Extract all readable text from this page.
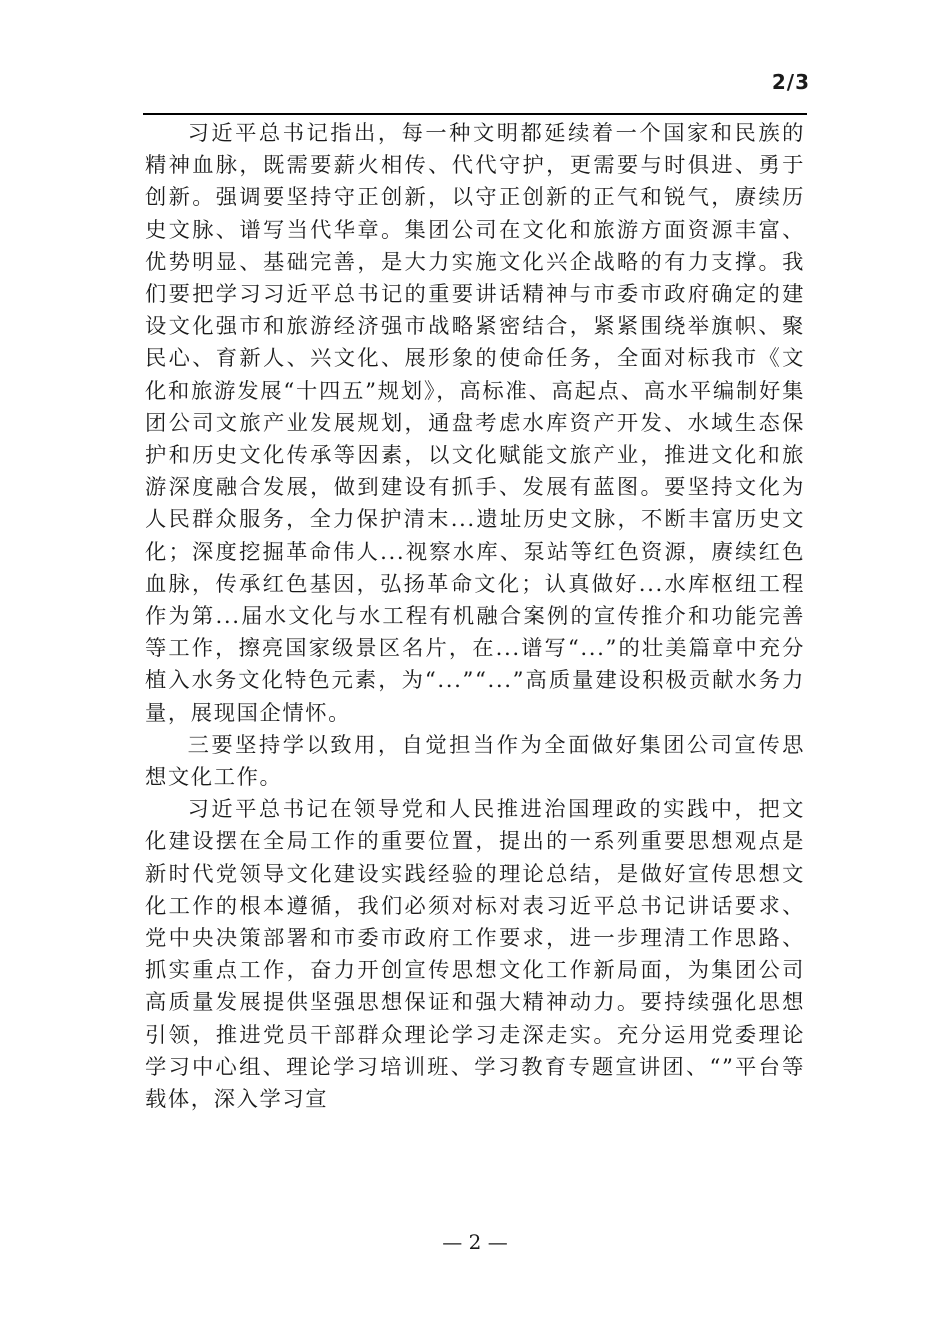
2/3

习近平总书记指出，每一种文明都延续着一个国家和民族的精神血脉，既需要薪火相传、代代守护，更需要与时俱进、勇于创新。强调要坚持守正创新，以守正创新的正气和锐气，赓续历史文脉、谱写当代华章。集团公司在文化和旅游方面资源丰富、优势明显、基础完善，是大力实施文化兴企战略的有力支撑。我们要把学习习近平总书记的重要讲话精神与市委市政府确定的建设文化强市和旅游经济强市战略紧密结合，紧紧围绕举旗帜、聚民心、育新人、兴文化、展形象的使命任务，全面对标我市《文化和旅游发展“十四五”规划》，高标准、高起点、高水平编制好集团公司文旅产业发展规划，通盘考虑水库资产开发、水域生态保护和历史文化传承等因素，以文化赋能文旅产业，推进文化和旅游深度融合发展，做到建设有抓手、发展有蓝图。要坚持文化为人民群众服务，全力保护清末...遗址历史文脉，不断丰富历史文化；深度挖掘革命伟人...视察水库、泵站等红色资源，赓续红色血脉，传承红色基因，弘扬革命文化；认真做好...水库枢纽工程作为第...届水文化与水工程有机融合案例的宣传推介和功能完善等工作，擦亮国家级景区名片，在...谱写“...”的壮美篇章中充分植入水务文化特色元素，为“...”“...”高质量建设积极贡献水务力量，展现国企情怀。

三要坚持学以致用，自觉担当作为全面做好集团公司宣传思想文化工作。

习近平总书记在领导党和人民推进治国理政的实践中，把文化建设摆在全局工作的重要位置，提出的一系列重要思想观点是新时代党领导文化建设实践经验的理论总结，是做好宣传思想文化工作的根本遵循，我们必须对标对表习近平总书记讲话要求、党中央决策部署和市委市政府工作要求，进一步理清工作思路、抓实重点工作，奋力开创宣传思想文化工作新局面，为集团公司高质量发展提供坚强思想保证和强大精神动力。要持续强化思想引领，推进党员干部群众理论学习走深走实。充分运用党委理论学习中心组、理论学习培训班、学习教育专题宣讲团、“”平台等载体，深入学习宣

— 2 —
